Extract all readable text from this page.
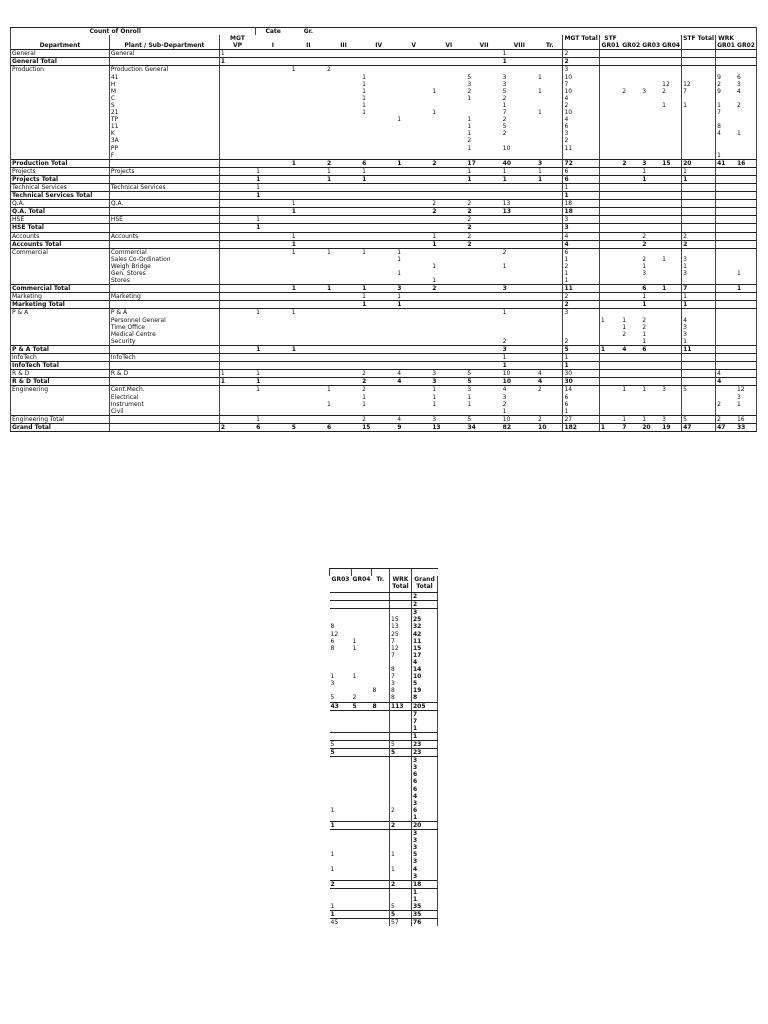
Count of Onroll			Cate	Gr.															
		MGT										MGT Total	STF				STF Total	WRK	
Department	Plant / Sub-Department	VP	I	II	III	IV	V	VI	VII	VIII	Tr.		GR01	GR02	GR03	GR04		GR01	GR02
General	General	1								1		2							
General Total		1								1		2							
Production	Production General			1	2							3							
	41					1			5	3	1	10						9	6
	H					1			3	3		7				12	12	2	3
	M					1		1	2	5	1	10		2	3	2	7	9	4
	C					1			1	2		4							
	S					1				1		2				1	1	1	2
	21					1		1		7	1	10						7	
	TP						1		1	2		4							
	11								1	5		6						8	
	K								1	2		3						4	1
	3A								2			2							
	PP								1	10		11							
	F																	1	
Production Total				1	2	6	1	2	17	40	3	72		2	3	15	20	41	16
Projects	Projects		1		1	1			1	1	1	6			1		1		
Projects Total			1		1	1			1	1	1	6			1		1		
Technical Services	Technical Services		1									1							
Technical Services Total			1									1							
Q.A.	Q.A.			1				2	2	13		18							
Q.A. Total				1				2	2	13		18							
HSE	HSE		1						2			3							
HSE Total			1						2			3							
Accounts	Accounts			1				1	2			4			2		2		
Accounts Total				1				1	2			4			2		2		
Commercial	Commercial			1	1	1	1			2		6							
	Sales Co-Ordination						1					1			2	1	3		
	Weigh Bridge							1		1		2			1		1		
	Gen. Stores						1					1			3		3		1
	Stores							1				1							
Commercial Total				1	1	1	3	2		3		11			6	1	7		1
Marketing	Marketing					1	1					2			1		1		
Marketing Total						1	1					2			1		1		
P & A	P & A		1	1						1		3							
	Personnel General												1	1	2		4		
	Time Office													1	2		3		
	Medical Centre													2	1		3		
	Security									2		2			1		1		
P & A Total			1	1						3		5	1	4	6		11		
InfoTech	InfoTech									1		1							
InfoTech Total										1		1							
R & D	R & D	1	1			2	4	3	5	10	4	30						4	
R & D Total		1	1			2	4	3	5	10	4	30						4	
Engineering	Cent.Mech.		1		1	2		1	3	4	2	14		1	1	3	5		12
	Electrical					1		1	1	3		6							3
	Instrument				1	1		1	1	2		6						2	1
	Civil									1		1							
Engineering Total			1			2	4	3	5	10	2	27		1	1	3	5	2	16
Grand Total		2	6	5	6	15	9	13	34	82	10	182	1	7	20	19	47	47	33

GR03	GR04	Tr.	WRK Total	Grand Total
				2
				2
				3
			15	25
8			13	32
12			25	42
6	1		7	11
8	1		12	15
			7	17
				4
			8	14
1	1		7	10
3			3	5
		8	8	19
5	2		8	8
43	5	8	113	205
				7
				7
				1
				1
5			5	23
5			5	23
				3
				3
				6
				6
				6
				4
				3
1			2	6
				1
1			2	20
				3
				3
				3
1			1	5
				3
1			1	4
				3
2			2	18
				1
				1
1			5	35
1			5	35
45			57	76
